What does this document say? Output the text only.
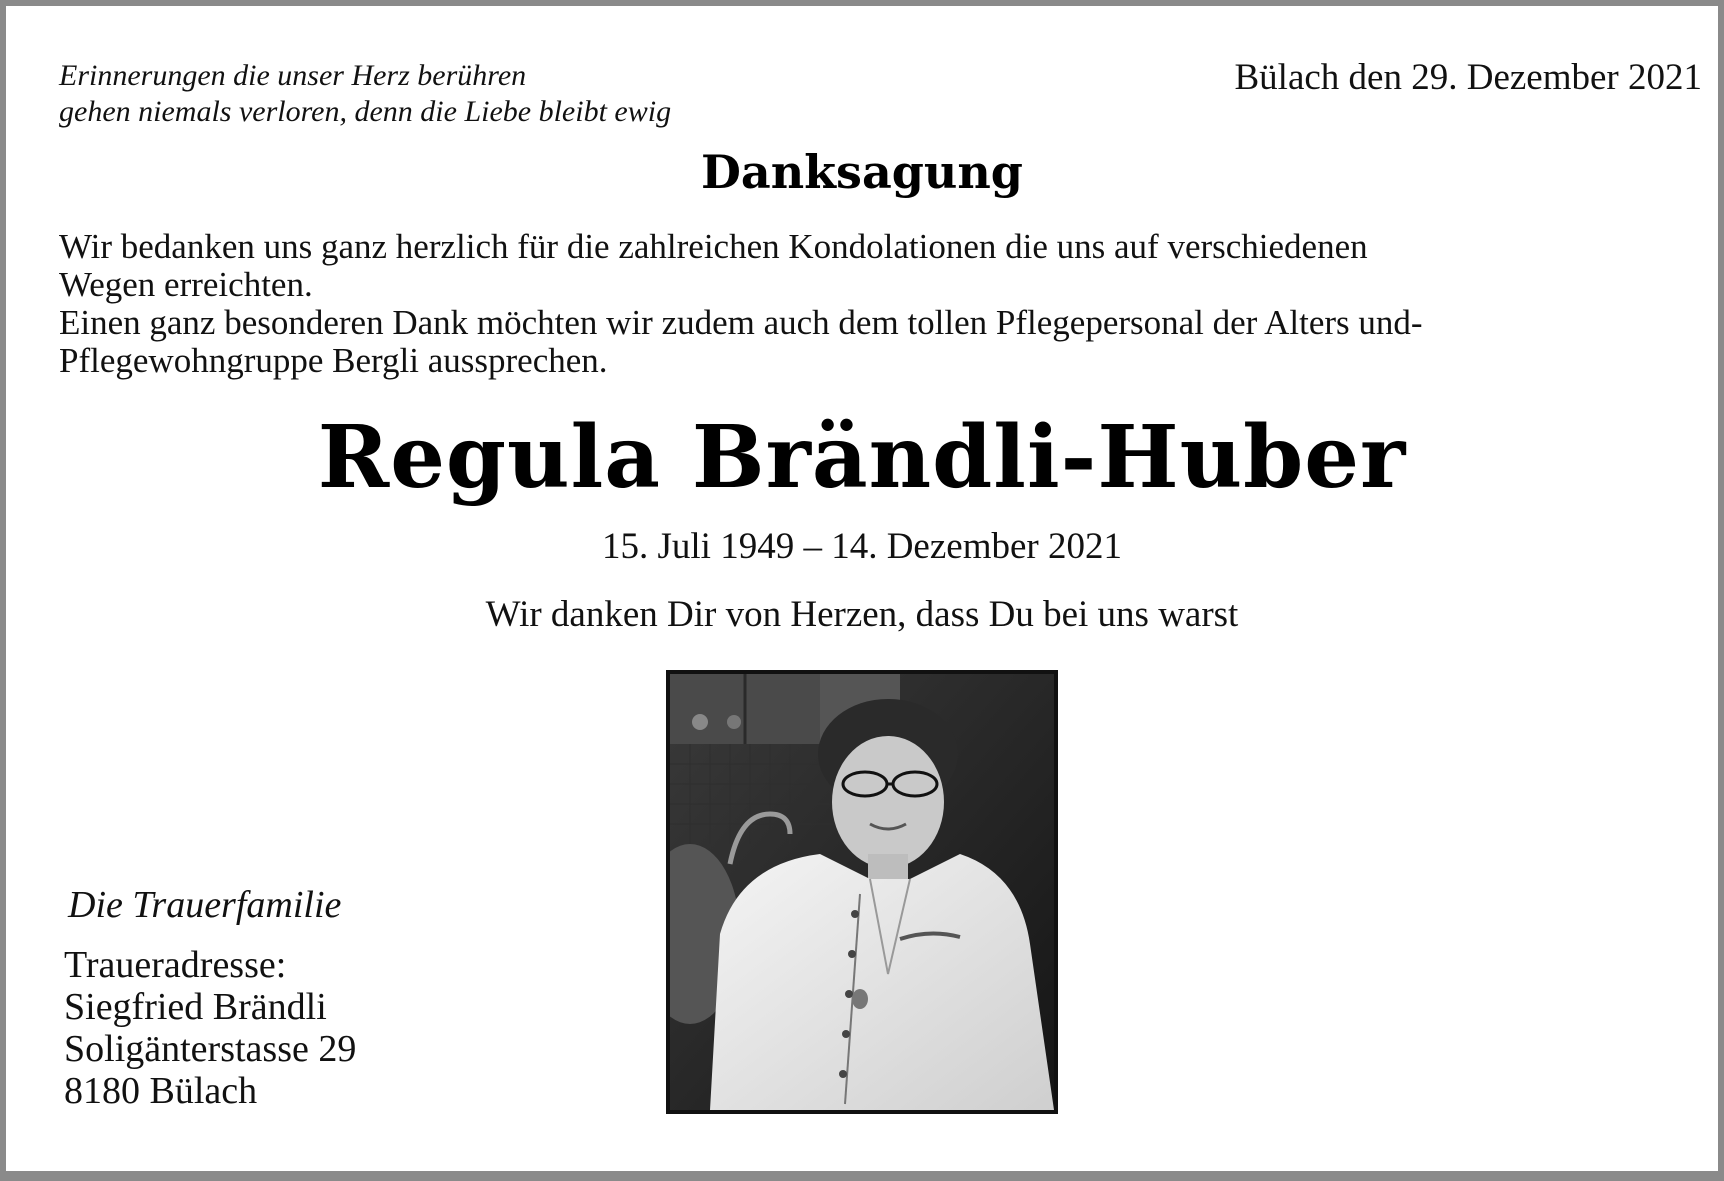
Erinnerungen die unser Herz berühren
gehen niemals verloren, denn die Liebe bleibt ewig
Bülach den 29. Dezember 2021
Danksagung
Wir bedanken uns ganz herzlich für die zahlreichen Kondolationen die uns auf verschiedenen
Wegen erreichten.
Einen ganz besonderen Dank möchten wir zudem auch dem tollen Pflegepersonal der Alters und-
Pflegewohngruppe Bergli aussprechen.
Regula Brändli-Huber
15. Juli 1949 – 14. Dezember 2021
Wir danken Dir von Herzen, dass Du bei uns warst
Die Trauerfamilie
Traueradresse:
Siegfried Brändli
Soligänterstasse 29
8180 Bülach
